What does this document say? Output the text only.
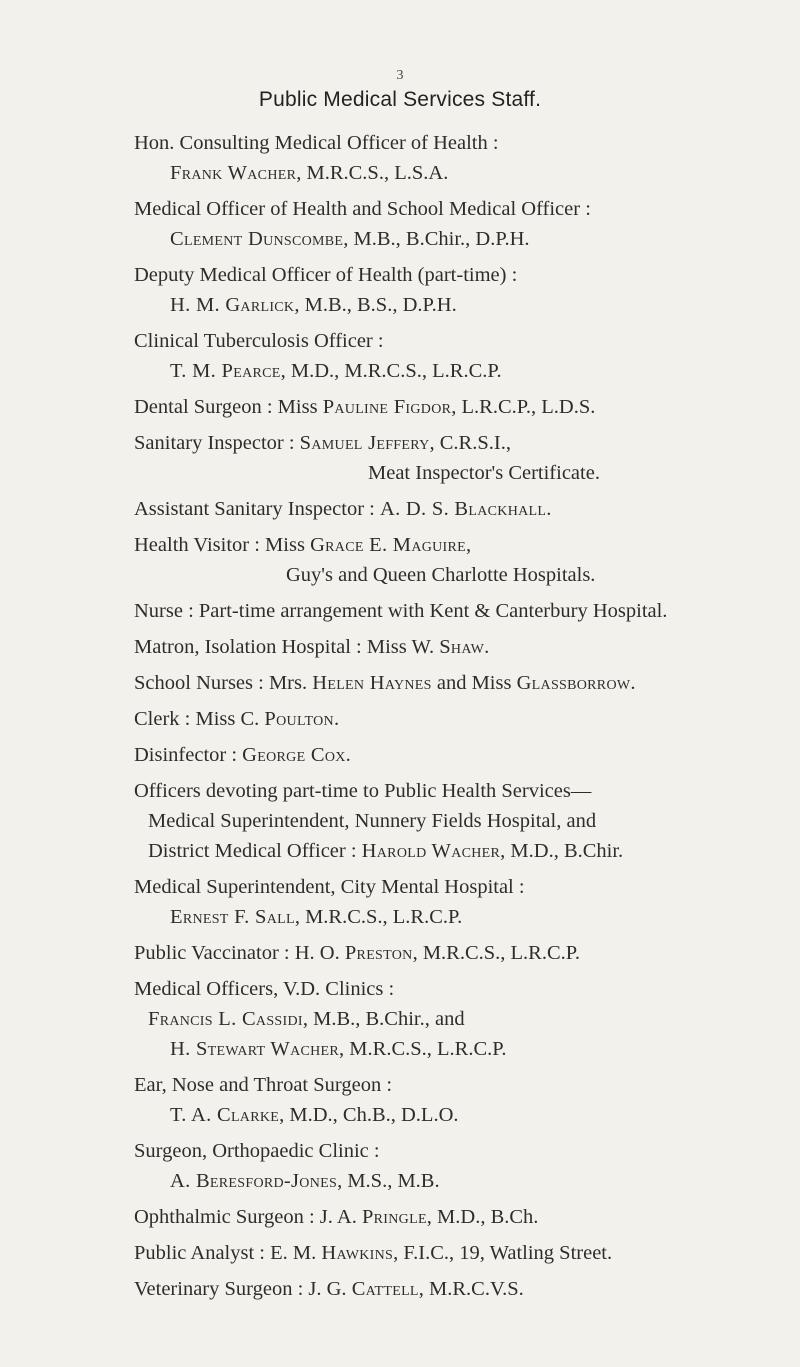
3
Public Medical Services Staff.
Hon. Consulting Medical Officer of Health :
Frank Wacher, M.R.C.S., L.S.A.
Medical Officer of Health and School Medical Officer :
Clement Dunscombe, M.B., B.Chir., D.P.H.
Deputy Medical Officer of Health (part-time) :
H. M. Garlick, M.B., B.S., D.P.H.
Clinical Tuberculosis Officer :
T. M. Pearce, M.D., M.R.C.S., L.R.C.P.
Dental Surgeon : Miss Pauline Figdor, L.R.C.P., L.D.S.
Sanitary Inspector : Samuel Jeffery, C.R.S.I.,
Meat Inspector's Certificate.
Assistant Sanitary Inspector : A. D. S. Blackhall.
Health Visitor : Miss Grace E. Maguire,
Guy's and Queen Charlotte Hospitals.
Nurse : Part-time arrangement with Kent & Canterbury Hospital.
Matron, Isolation Hospital : Miss W. Shaw.
School Nurses : Mrs. Helen Haynes and Miss Glassborrow.
Clerk : Miss C. Poulton.
Disinfector : George Cox.
Officers devoting part-time to Public Health Services—
Medical Superintendent, Nunnery Fields Hospital, and
District Medical Officer : Harold Wacher, M.D., B.Chir.
Medical Superintendent, City Mental Hospital :
Ernest F. Sall, M.R.C.S., L.R.C.P.
Public Vaccinator : H. O. Preston, M.R.C.S., L.R.C.P.
Medical Officers, V.D. Clinics :
Francis L. Cassidi, M.B., B.Chir., and
H. Stewart Wacher, M.R.C.S., L.R.C.P.
Ear, Nose and Throat Surgeon :
T. A. Clarke, M.D., Ch.B., D.L.O.
Surgeon, Orthopaedic Clinic :
A. Beresford-Jones, M.S., M.B.
Ophthalmic Surgeon : J. A. Pringle, M.D., B.Ch.
Public Analyst : E. M. Hawkins, F.I.C., 19, Watling Street.
Veterinary Surgeon : J. G. Cattell, M.R.C.V.S.
